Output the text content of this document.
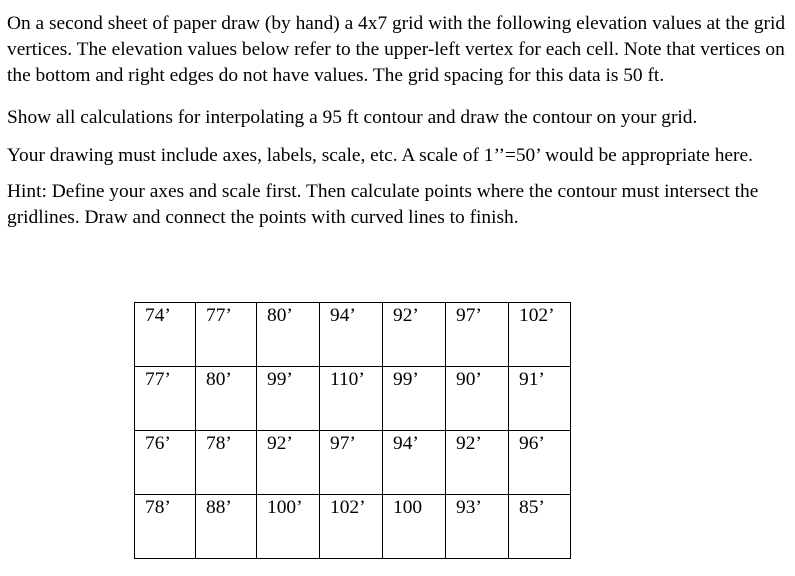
On a second sheet of paper draw (by hand) a 4x7 grid with the following elevation values at the grid vertices. The elevation values below refer to the upper-left vertex for each cell. Note that vertices on the bottom and right edges do not have values. The grid spacing for this data is 50 ft.

Show all calculations for interpolating a 95 ft contour and draw the contour on your grid.

Your drawing must include axes, labels, scale, etc. A scale of 1’’=50’ would be appropriate here.

Hint: Define your axes and scale first. Then calculate points where the contour must intersect the gridlines. Draw and connect the points with curved lines to finish.

74’	77’	80’	94’	92’	97’	102’

77’	80’	99’	110’	99’	90’	91’

76’	78’	92’	97’	94’	92’	96’

78’	88’	100’	102’	100	93’	85’
